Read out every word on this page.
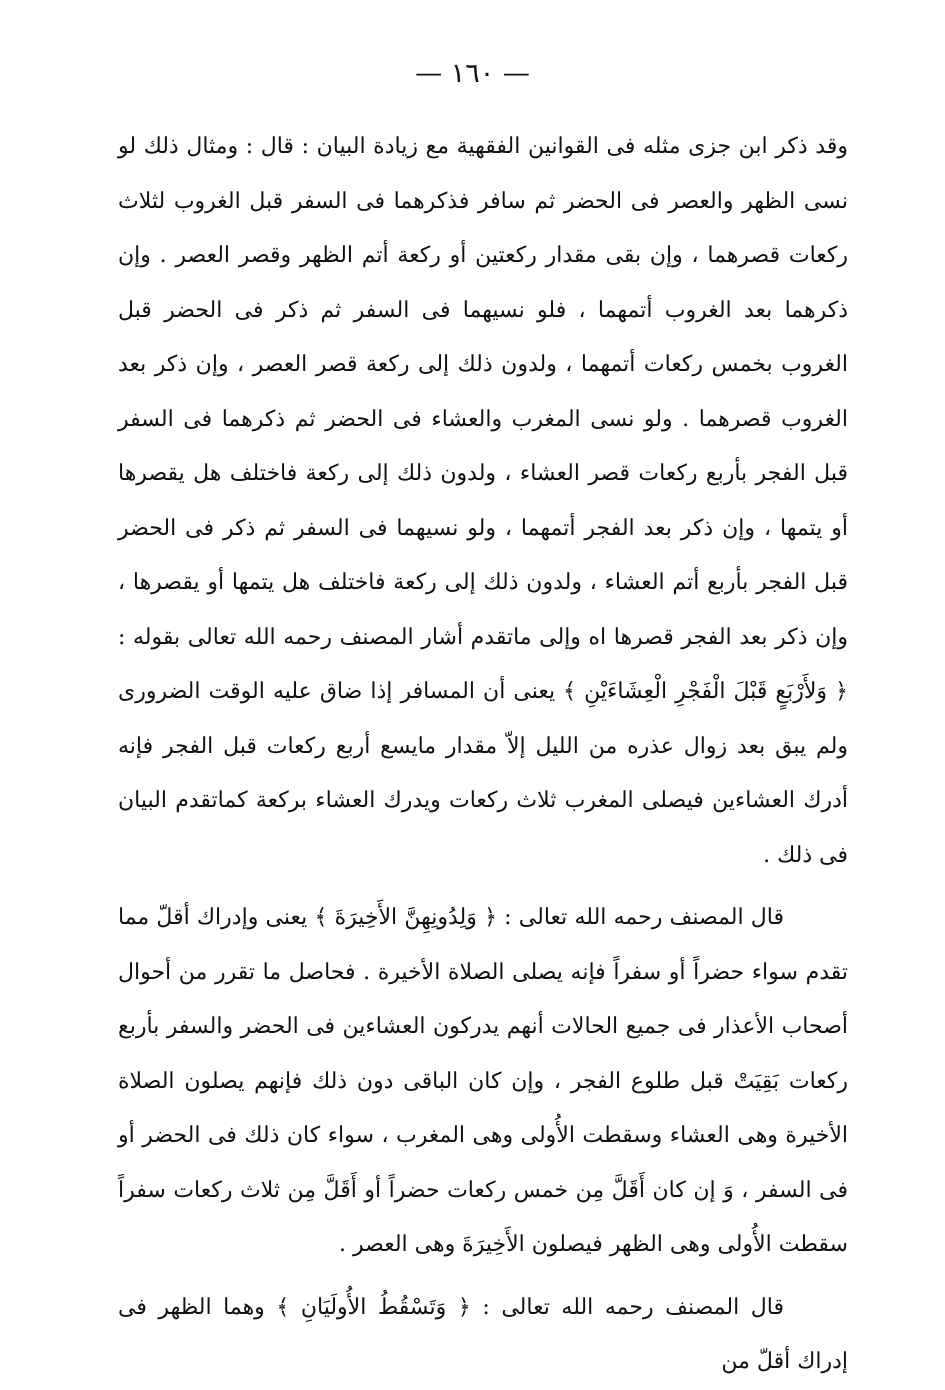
— ١٦٠ —

وقد ذكر ابن جزى مثله فى القوانين الفقهية مع زيادة البيان : قال : ومثال ذلك لو نسى الظهر والعصر فى الحضر ثم سافر فذكرهما فى السفر قبل الغروب لثلاث ركعات قصرهما ، وإن بقى مقدار ركعتين أو ركعة أتم الظهر وقصر العصر . وإن ذكرهما بعد الغروب أتمهما ، فلو نسيهما فى السفر ثم ذكر فى الحضر قبل الغروب بخمس ركعات أتمهما ، ولدون ذلك إلى ركعة قصر العصر ، وإن ذكر بعد الغروب قصرهما . ولو نسى المغرب والعشاء فى الحضر ثم ذكرهما فى السفر قبل الفجر بأربع ركعات قصر العشاء ، ولدون ذلك إلى ركعة فاختلف هل يقصرها أو يتمها ، وإن ذكر بعد الفجر أتمهما ، ولو نسيهما فى السفر ثم ذكر فى الحضر قبل الفجر بأربع أتم العشاء ، ولدون ذلك إلى ركعة فاختلف هل يتمها أو يقصرها ، وإن ذكر بعد الفجر قصرها اه وإلى ماتقدم أشار المصنف رحمه الله تعالى بقوله : ﴿ وَلأَرْبَعٍ قَبْلَ الْفَجْرِ الْعِشَاءَيْنِ ﴾ يعنى أن المسافر إذا ضاق عليه الوقت الضرورى ولم يبق بعد زوال عذره من الليل إلاّ مقدار مايسع أربع ركعات قبل الفجر فإنه أدرك العشاءين فيصلى المغرب ثلاث ركعات ويدرك العشاء بركعة كماتقدم البيان فى ذلك .

قال المصنف رحمه الله تعالى : ﴿ وَلِدُونِهِنَّ الأَخِيرَةَ ﴾ يعنى وإدراك أقلّ مما تقدم سواء حضراً أو سفراً فإنه يصلى الصلاة الأخيرة . فحاصل ما تقرر من أحوال أصحاب الأعذار فى جميع الحالات أنهم يدركون العشاءين فى الحضر والسفر بأربع ركعات بَقِيَتْ قبل طلوع الفجر ، وإن كان الباقى دون ذلك فإنهم يصلون الصلاة الأخيرة وهى العشاء وسقطت الأُولى وهى المغرب ، سواء كان ذلك فى الحضر أو فى السفر ، وَ إن كان أَقَلَّ مِن خمس ركعات حضراً أو أَقَلَّ مِن ثلاث ركعات سفراً سقطت الأُولى وهى الظهر فيصلون الأَخِيرَةَ وهى العصر .

قال المصنف رحمه الله تعالى : ﴿ وَتَسْقُطُ الأُولَيَانِ ﴾ وهما الظهر فى إدراك أقلّ من
